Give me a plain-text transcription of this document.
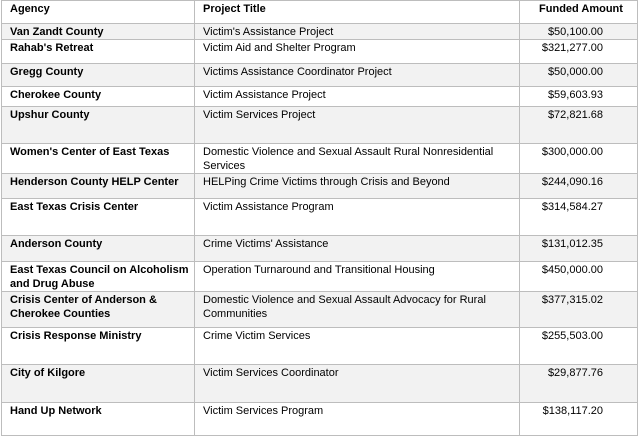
Agency	Project Title	Funded Amount
Van Zandt County	Victim's Assistance Project	$50,100.00
Rahab's Retreat	Victim Aid and Shelter Program	$321,277.00
Gregg County	Victims Assistance Coordinator Project	$50,000.00
Cherokee County	Victim Assistance Project	$59,603.93
Upshur County	Victim Services Project	$72,821.68
Women's Center of East Texas	Domestic Violence and Sexual Assault Rural Nonresidential Services	$300,000.00
Henderson County HELP Center	HELPing Crime Victims through Crisis and Beyond	$244,090.16
East Texas Crisis Center	Victim Assistance Program	$314,584.27
Anderson County	Crime Victims' Assistance	$131,012.35
East Texas Council on Alcoholism and Drug Abuse	Operation Turnaround and Transitional Housing	$450,000.00
Crisis Center of Anderson & Cherokee Counties	Domestic Violence and Sexual Assault Advocacy for Rural Communities	$377,315.02
Crisis Response Ministry	Crime Victim Services	$255,503.00
City of Kilgore	Victim Services Coordinator	$29,877.76
Hand Up Network	Victim Services Program	$138,117.20
